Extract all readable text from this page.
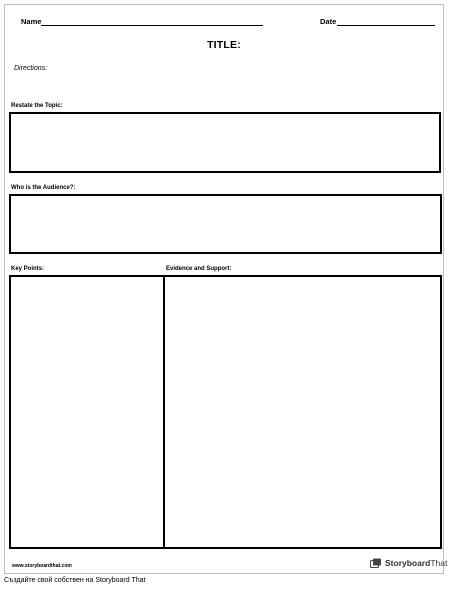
Name	Date
TITLE:
Directions:
Restate the Topic:
Who is the Audience?:
Key Points:	Evidence and Support:
www.storyboardthat.com	StoryboardThat
Създайте свой собствен на Storyboard That
